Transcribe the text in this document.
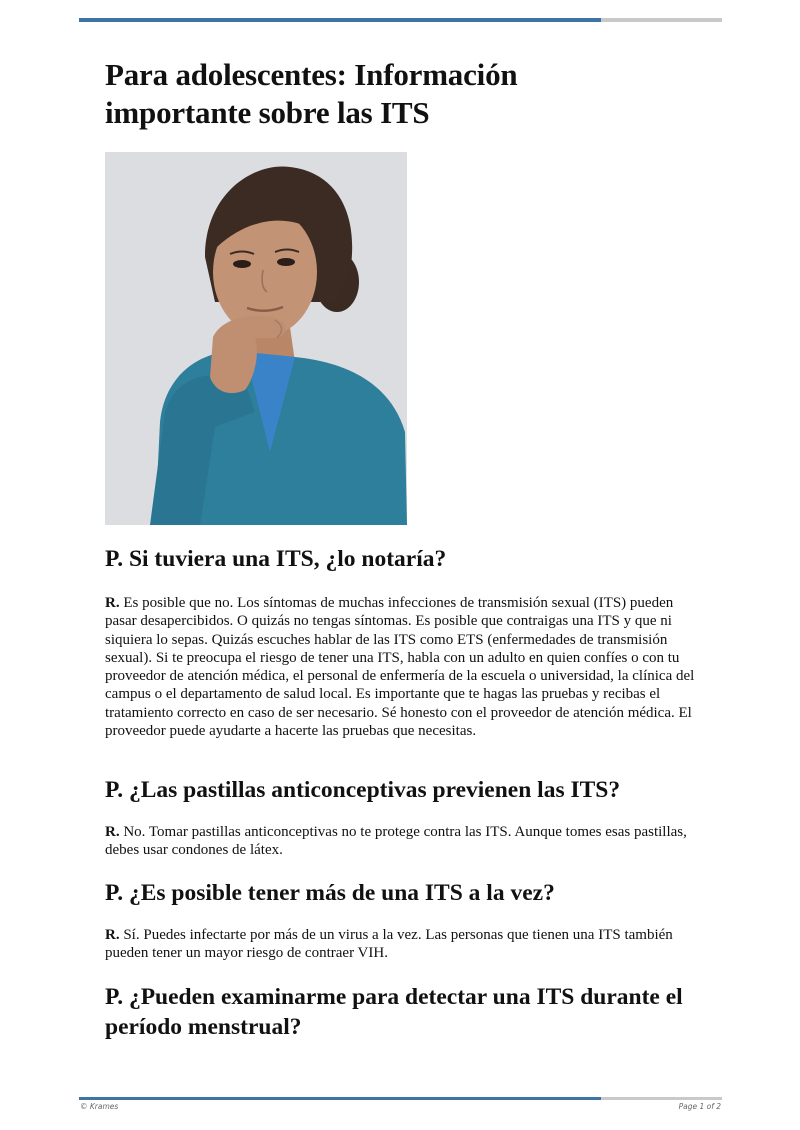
Para adolescentes: Información importante sobre las ITS
P. Si tuviera una ITS, ¿lo notaría?

R. Es posible que no. Los síntomas de muchas infecciones de transmisión sexual (ITS) pueden pasar desapercibidos. O quizás no tengas síntomas. Es posible que contraigas una ITS y que ni siquiera lo sepas. Quizás escuches hablar de las ITS como ETS (enfermedades de transmisión sexual). Si te preocupa el riesgo de tener una ITS, habla con un adulto en quien confíes o con tu proveedor de atención médica, el personal de enfermería de la escuela o universidad, la clínica del campus o el departamento de salud local. Es importante que te hagas las pruebas y recibas el tratamiento correcto en caso de ser necesario. Sé honesto con el proveedor de atención médica. El proveedor puede ayudarte a hacerte las pruebas que necesitas.

P. ¿Las pastillas anticonceptivas previenen las ITS?

R. No. Tomar pastillas anticonceptivas no te protege contra las ITS. Aunque tomes esas pastillas, debes usar condones de látex.

P. ¿Es posible tener más de una ITS a la vez?

R. Sí. Puedes infectarte por más de un virus a la vez. Las personas que tienen una ITS también pueden tener un mayor riesgo de contraer VIH.

P. ¿Pueden examinarme para detectar una ITS durante el período menstrual?
© Krames	Page 1 of 2
